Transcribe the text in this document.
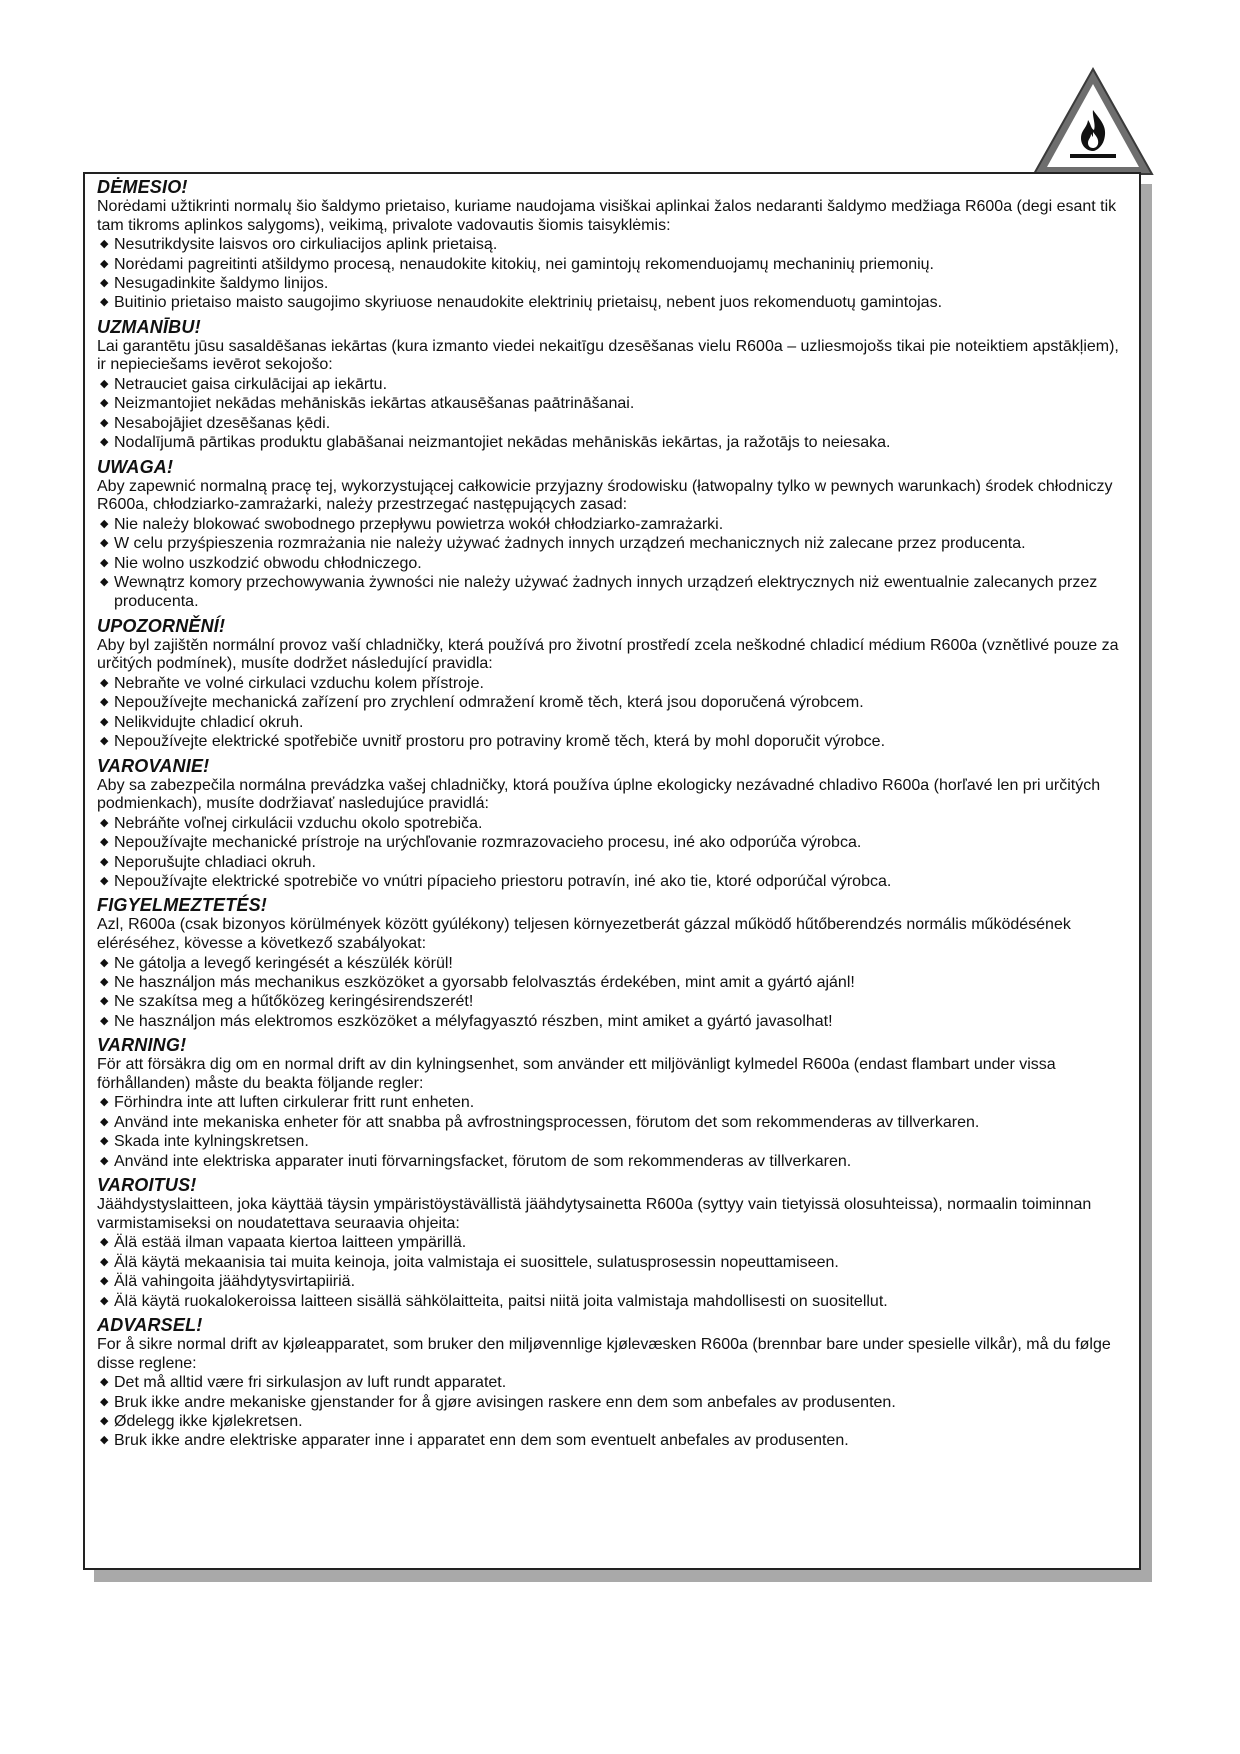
DĖMESIO!

Norėdami užtikrinti normalų šio šaldymo prietaiso, kuriame naudojama visiškai aplinkai žalos nedaranti šaldymo medžiaga R600a (degi esant tik tam tikroms aplinkos salygoms), veikimą, privalote vadovautis šiomis taisyklėmis:

◆ Nesutrikdysite laisvos oro cirkuliacijos aplink prietaisą.
◆ Norėdami pagreitinti atšildymo procesą, nenaudokite kitokių, nei gamintojų rekomenduojamų mechaninių priemonių.
◆ Nesugadinkite šaldymo linijos.
◆ Buitinio prietaiso maisto saugojimo skyriuose nenaudokite elektrinių prietaisų, nebent juos rekomenduotų gamintojas.

UZMANĪBU!

Lai garantētu jūsu sasaldēšanas iekārtas (kura izmanto viedei nekaitīgu dzesēšanas vielu R600a – uzliesmojošs tikai pie noteiktiem apstākļiem), ir nepieciešams ievērot sekojošo:

◆ Netrauciet gaisa cirkulācijai ap iekārtu.
◆ Neizmantojiet nekādas mehāniskās iekārtas atkausēšanas paātrināšanai.
◆ Nesabojājiet dzesēšanas ķēdi.
◆ Nodalījumā pārtikas produktu glabāšanai neizmantojiet nekādas mehāniskās iekārtas, ja ražotājs to neiesaka.

UWAGA!

Aby zapewnić normalną pracę tej, wykorzystującej całkowicie przyjazny środowisku (łatwopalny tylko w pewnych warunkach) środek chłodniczy R600a, chłodziarko-zamrażarki, należy przestrzegać następujących zasad:

◆ Nie należy blokować swobodnego przepływu powietrza wokół chłodziarko-zamrażarki.
◆ W celu przyśpieszenia rozmrażania nie należy używać żadnych innych urządzeń mechanicznych niż zalecane przez producenta.
◆ Nie wolno uszkodzić obwodu chłodniczego.
◆ Wewnątrz komory przechowywania żywności nie należy używać żadnych innych urządzeń elektrycznych niż ewentualnie zalecanych przez producenta.

UPOZORNĚNÍ!

Aby byl zajištěn normální provoz vaší chladničky, která používá pro životní prostředí zcela neškodné chladicí médium R600a (vznětlivé pouze za určitých podmínek), musíte dodržet následující pravidla:

◆ Nebraňte ve volné cirkulaci vzduchu kolem přístroje.
◆ Nepoužívejte mechanická zařízení pro zrychlení odmražení kromě těch, která jsou doporučená výrobcem.
◆ Nelikvidujte chladicí okruh.
◆ Nepoužívejte elektrické spotřebiče uvnitř prostoru pro potraviny kromě těch, která by mohl doporučit výrobce.

VAROVANIE!

Aby sa zabezpečila normálna prevádzka vašej chladničky, ktorá používa úplne ekologicky nezávadné chladivo R600a (horľavé len pri určitých podmienkach), musíte dodržiavať nasledujúce pravidlá:

◆ Nebráňte voľnej cirkulácii vzduchu okolo spotrebiča.
◆ Nepoužívajte mechanické prístroje na urýchľovanie rozmrazovacieho procesu, iné ako odporúča výrobca.
◆ Neporušujte chladiaci okruh.
◆ Nepoužívajte elektrické spotrebiče vo vnútri pípacieho priestoru potravín, iné ako tie, ktoré odporúčal výrobca.

FIGYELMEZTETÉS!

Azl, R600a (csak bizonyos körülmények között gyúlékony) teljesen környezetberát gázzal működő hűtőberendzés normális működésének eléréséhez, kövesse a következő szabályokat:

◆ Ne gátolja a levegő keringését a készülék körül!
◆ Ne használjon más mechanikus eszközöket a gyorsabb felolvasztás érdekében, mint amit a gyártó ajánl!
◆ Ne szakítsa meg a hűtőközeg keringésirendszerét!
◆ Ne használjon más elektromos eszközöket a mélyfagyasztó részben, mint amiket a gyártó javasolhat!

VARNING!

För att försäkra dig om en normal drift av din kylningsenhet, som använder ett miljövänligt kylmedel R600a (endast flambart under vissa förhållanden) måste du beakta följande regler:

◆ Förhindra inte att luften cirkulerar fritt runt enheten.
◆ Använd inte mekaniska enheter för att snabba på avfrostningsprocessen, förutom det som rekommenderas av tillverkaren.
◆ Skada inte kylningskretsen.
◆ Använd inte elektriska apparater inuti förvarningsfacket, förutom de som rekommenderas av tillverkaren.

VAROITUS!

Jäähdystyslaitteen, joka käyttää täysin ympäristöystävällistä jäähdytysainetta R600a (syttyy vain tietyissä olosuhteissa), normaalin toiminnan varmistamiseksi on noudatettava seuraavia ohjeita:

◆ Älä estää ilman vapaata kiertoa laitteen ympärillä.
◆ Älä käytä mekaanisia tai muita keinoja, joita valmistaja ei suosittele, sulatusprosessin nopeuttamiseen.
◆ Älä vahingoita jäähdytysvirtapiiriä.
◆ Älä käytä ruokalokeroissa laitteen sisällä sähkölaitteita, paitsi niitä joita valmistaja mahdollisesti on suositellut.

ADVARSEL!

For å sikre normal drift av kjøleapparatet, som bruker den miljøvennlige kjølevæsken R600a (brennbar bare under spesielle vilkår), må du følge disse reglene:

◆ Det må alltid være fri sirkulasjon av luft rundt apparatet.
◆ Bruk ikke andre mekaniske gjenstander for å gjøre avisingen raskere enn dem som anbefales av produsenten.
◆ Ødelegg ikke kjølekretsen.
◆ Bruk ikke andre elektriske apparater inne i apparatet enn dem som eventuelt anbefales av produsenten.
